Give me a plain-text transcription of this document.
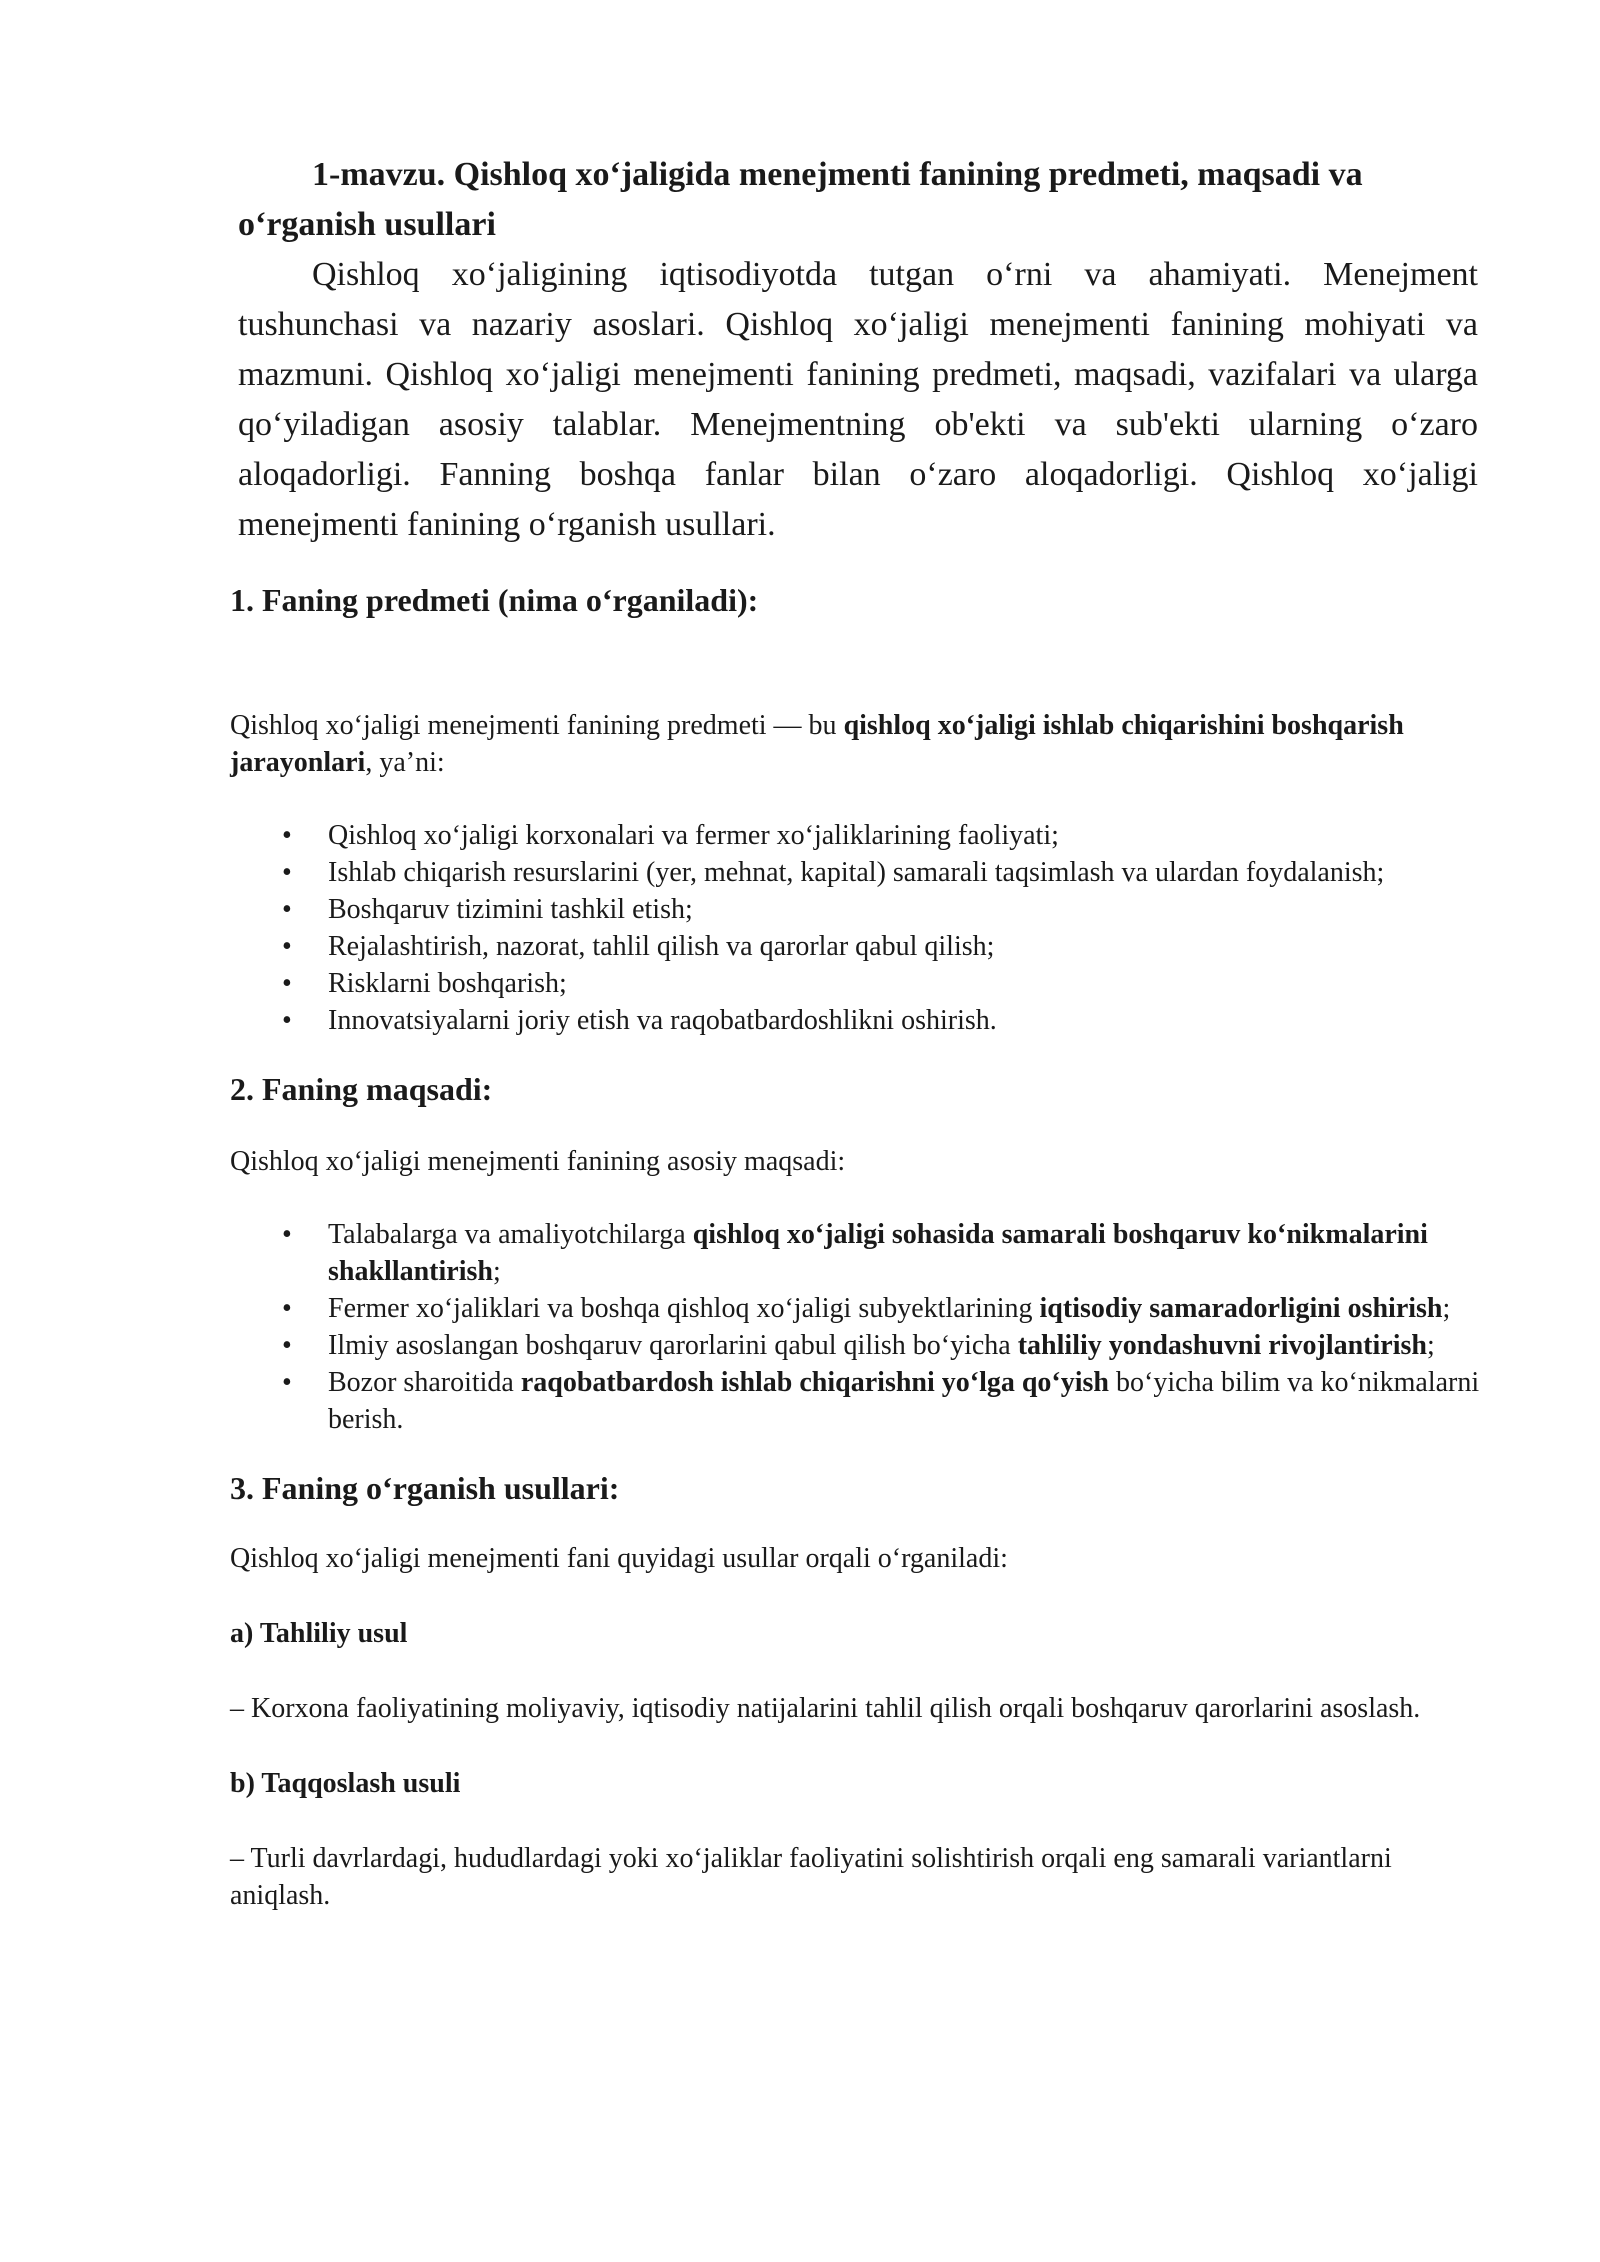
1-mavzu. Qishloq xo‘jaligida menejmenti fanining predmeti, maqsadi va o‘rganish usullari

Qishloq xo‘jaligining iqtisodiyotda tutgan o‘rni va ahamiyati. Menejment tushunchasi va nazariy asoslari. Qishloq xo‘jaligi menejmenti fanining mohiyati va mazmuni. Qishloq xo‘jaligi menejmenti fanining predmeti, maqsadi, vazifalari va ularga qo‘yiladigan asosiy talablar. Menejmentning ob'ekti va sub'ekti ularning o‘zaro aloqadorligi. Fanning boshqa fanlar bilan o‘zaro aloqadorligi. Qishloq xo‘jaligi menejmenti fanining o‘rganish usullari.

1. Faning predmeti (nima o‘rganiladi):

Qishloq xo‘jaligi menejmenti fanining predmeti — bu qishloq xo‘jaligi ishlab chiqarishini boshqarish jarayonlari, ya’ni:

• Qishloq xo‘jaligi korxonalari va fermer xo‘jaliklarining faoliyati;
• Ishlab chiqarish resurslarini (yer, mehnat, kapital) samarali taqsimlash va ulardan foydalanish;
• Boshqaruv tizimini tashkil etish;
• Rejalashtirish, nazorat, tahlil qilish va qarorlar qabul qilish;
• Risklarni boshqarish;
• Innovatsiyalarni joriy etish va raqobatbardoshlikni oshirish.
2. Faning maqsadi:

Qishloq xo‘jaligi menejmenti fanining asosiy maqsadi:

• Talabalarga va amaliyotchilarga qishloq xo‘jaligi sohasida samarali boshqaruv ko‘nikmalarini shakllantirish;
• Fermer xo‘jaliklari va boshqa qishloq xo‘jaligi subyektlarining iqtisodiy samaradorligini oshirish;
• Ilmiy asoslangan boshqaruv qarorlarini qabul qilish bo‘yicha tahliliy yondashuvni rivojlantirish;
• Bozor sharoitida raqobatbardosh ishlab chiqarishni yo‘lga qo‘yish bo‘yicha bilim va ko‘nikmalarni berish.
3. Faning o‘rganish usullari:

Qishloq xo‘jaligi menejmenti fani quyidagi usullar orqali o‘rganiladi:

a) Tahliliy usul

– Korxona faoliyatining moliyaviy, iqtisodiy natijalarini tahlil qilish orqali boshqaruv qarorlarini asoslash.

b) Taqqoslash usuli

– Turli davrlardagi, hududlardagi yoki xo‘jaliklar faoliyatini solishtirish orqali eng samarali variantlarni aniqlash.
